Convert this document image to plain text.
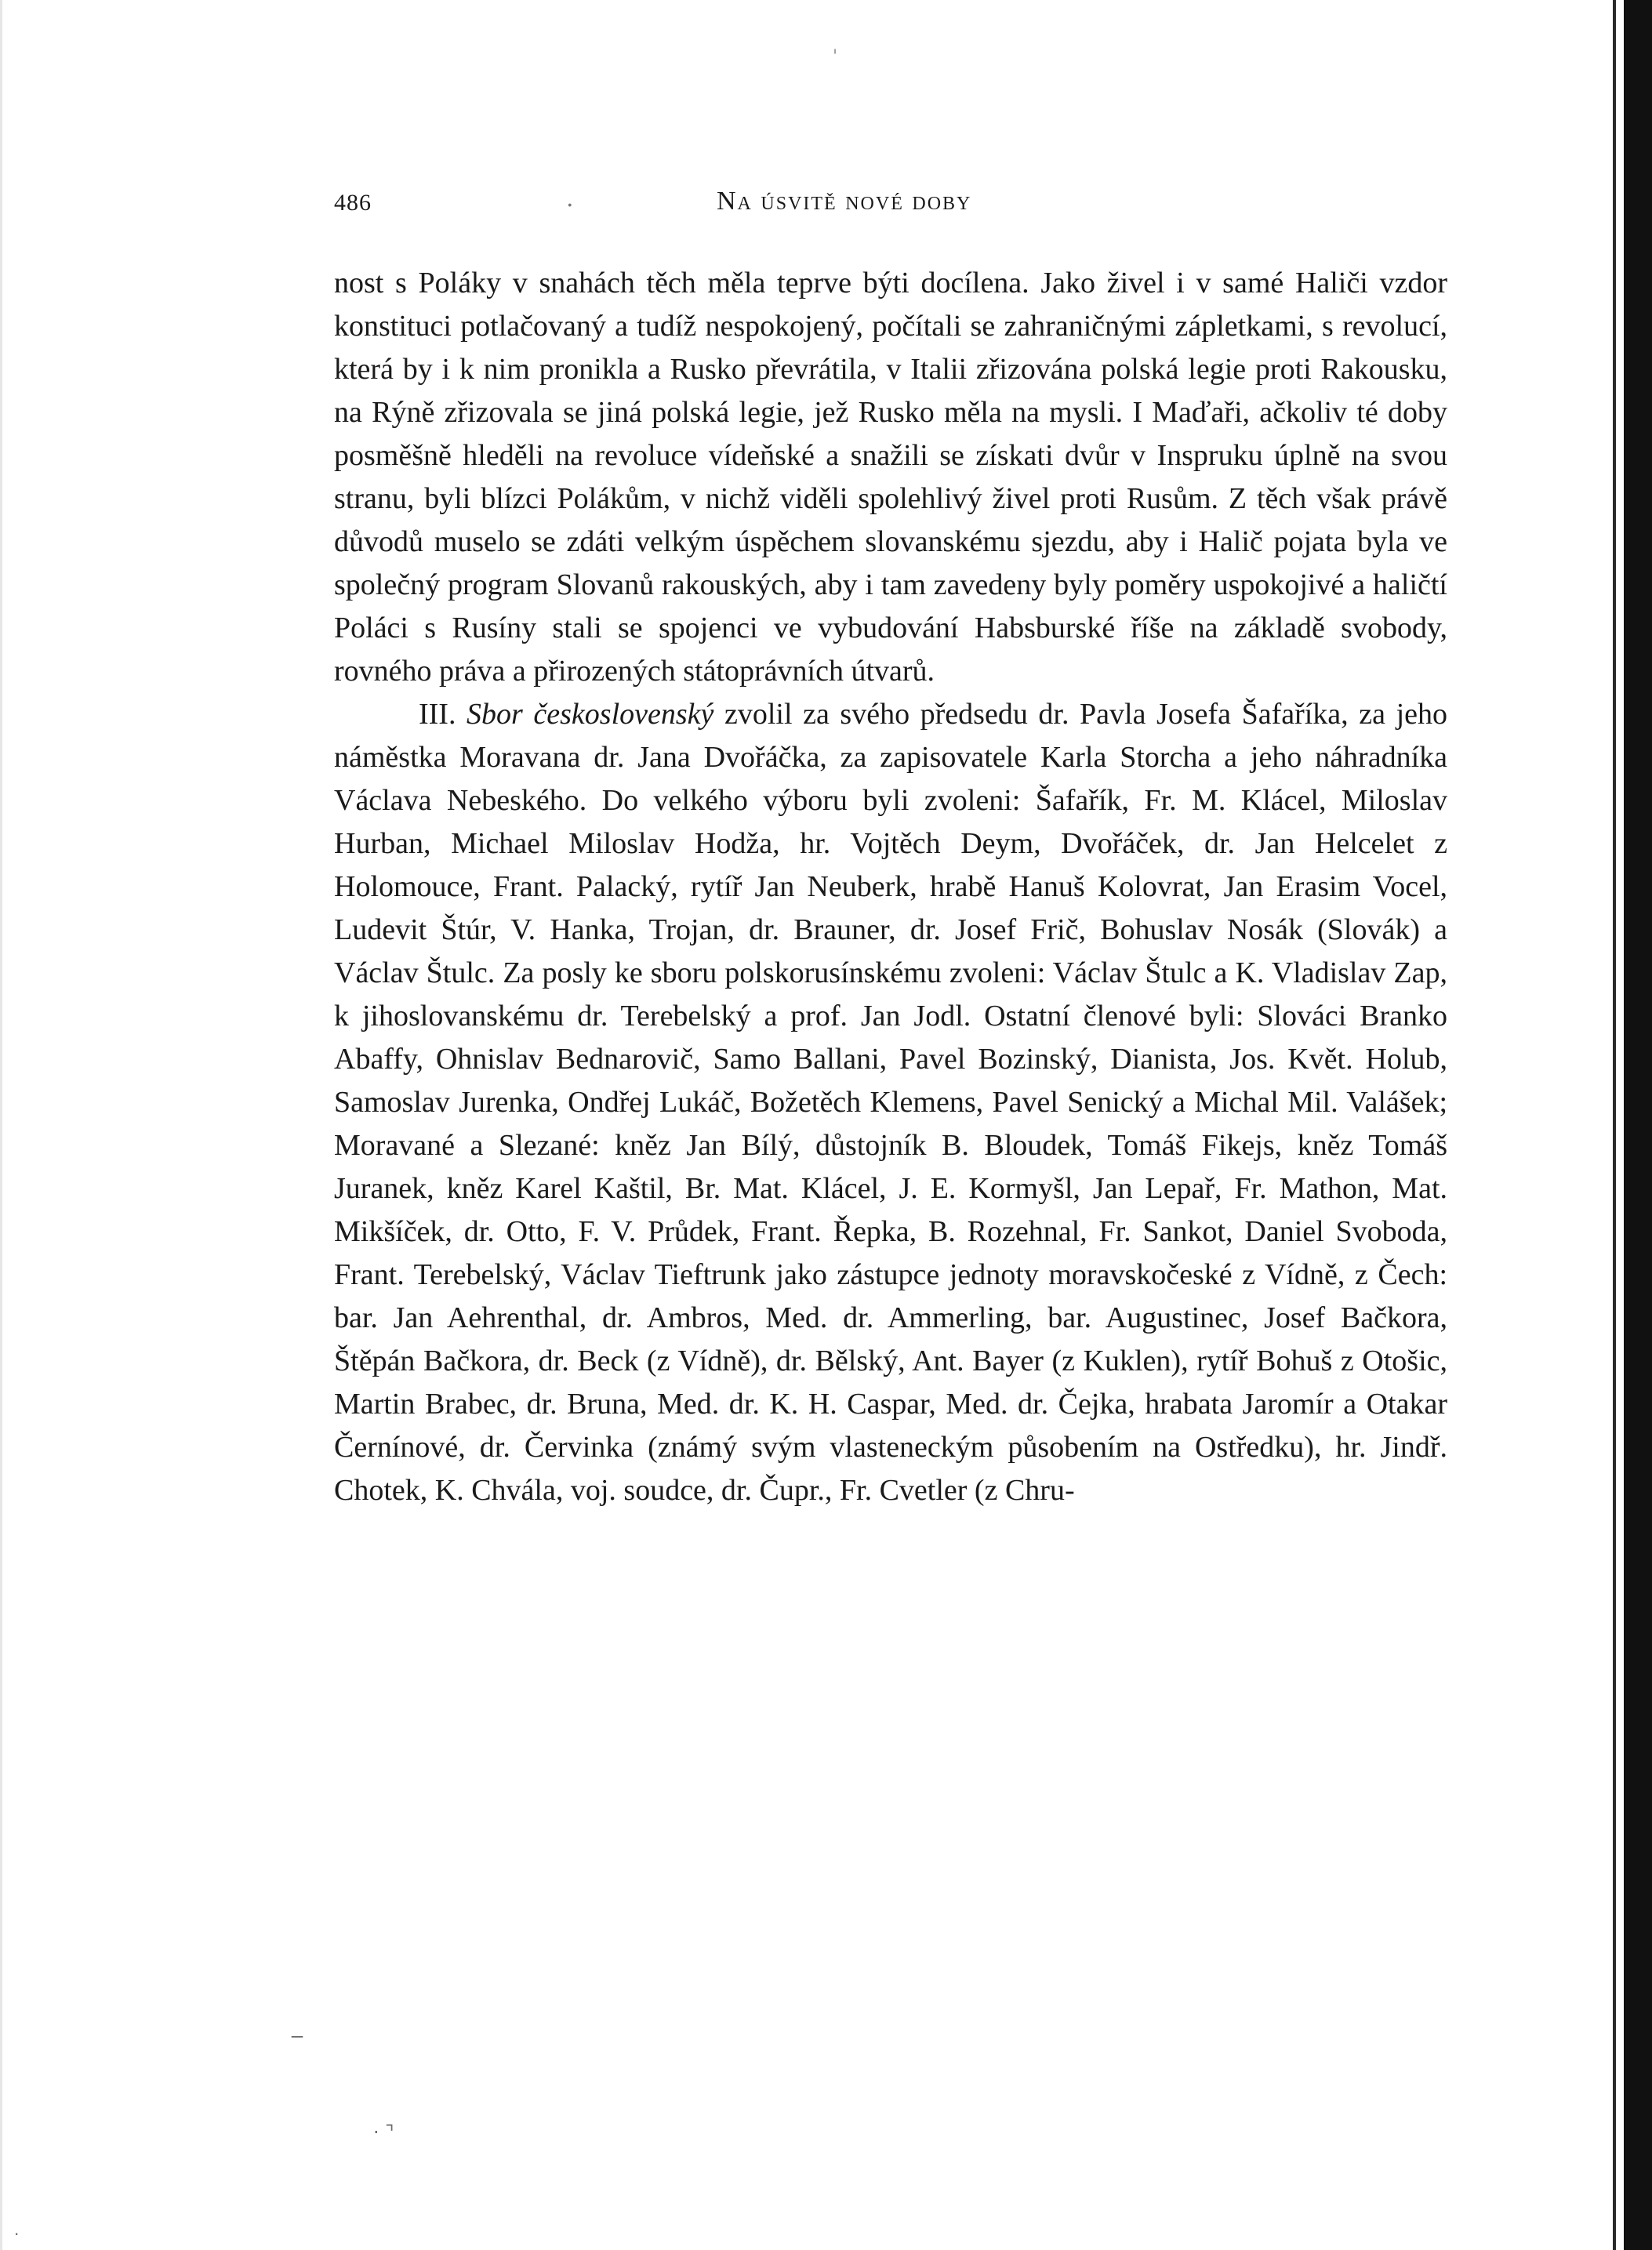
'
486	.	Na úsvitě nové doby

nost s Poláky v snahách těch měla teprve býti docílena. Jako živel i v samé Haliči vzdor konstituci potlačovaný a tudíž nespokojený, počítali se zahraničnými zápletkami, s revolucí, která by i k nim pronikla a Rusko převrátila, v Italii zřizována polská legie proti Rakousku, na Rýně zřizovala se jiná polská legie, jež Rusko měla na mysli. I Maďaři, ačkoliv té doby posměšně hleděli na revoluce vídeňské a snažili se získati dvůr v Inspruku úplně na svou stranu, byli blízci Polákům, v nichž viděli spolehlivý živel proti Rusům. Z těch však právě důvodů muselo se zdáti velkým úspěchem slovanskému sjezdu, aby i Halič pojata byla ve společný program Slovanů rakouských, aby i tam zavedeny byly poměry uspokojivé a haličtí Poláci s Rusíny stali se spojenci ve vybudování Habsburské říše na základě svobody, rovného práva a přirozených státoprávních útvarů.

III. Sbor československý zvolil za svého předsedu dr. Pavla Josefa Šafaříka, za jeho náměstka Moravana dr. Jana Dvořáčka, za zapisovatele Karla Storcha a jeho náhradníka Václava Nebeského. Do velkého výboru byli zvoleni: Šafařík, Fr. M. Klácel, Miloslav Hurban, Michael Miloslav Hodža, hr. Vojtěch Deym, Dvořáček, dr. Jan Helcelet z Holomouce, Frant. Palacký, rytíř Jan Neuberk, hrabě Hanuš Kolovrat, Jan Erasim Vocel, Ludevit Štúr, V. Hanka, Trojan, dr. Brauner, dr. Josef Frič, Bohuslav Nosák (Slovák) a Václav Štulc. Za posly ke sboru polskorusínskému zvoleni: Václav Štulc a K. Vladislav Zap, k jihoslovanskému dr. Terebelský a prof. Jan Jodl. Ostatní členové byli: Slováci Branko Abaffy, Ohnislav Bednarovič, Samo Ballani, Pavel Bozinský, Dianista, Jos. Květ. Holub, Samoslav Jurenka, Ondřej Lukáč, Božetěch Klemens, Pavel Senický a Michal Mil. Valášek; Moravané a Slezané: kněz Jan Bílý, důstojník B. Bloudek, Tomáš Fikejs, kněz Tomáš Juranek, kněz Karel Kaštil, Br. Mat. Klácel, J. E. Kormyšl, Jan Lepař, Fr. Mathon, Mat. Mikšíček, dr. Otto, F. V. Průdek, Frant. Řepka, B. Rozehnal, Fr. Sankot, Daniel Svoboda, Frant. Terebelský, Václav Tieftrunk jako zástupce jednoty moravskočeské z Vídně, z Čech: bar. Jan Aehrenthal, dr. Ambros, Med. dr. Ammerling, bar. Augustinec, Josef Bačkora, Štěpán Bačkora, dr. Beck (z Vídně), dr. Bělský, Ant. Bayer (z Kuklen), rytíř Bohuš z Otošic, Martin Brabec, dr. Bruna, Med. dr. K. H. Caspar, Med. dr. Čejka, hrabata Jaromír a Otakar Černínové, dr. Červinka (známý svým vlasteneckým působením na Ostředku), hr. Jindř. Chotek, K. Chvála, voj. soudce, dr. Čupr., Fr. Cvetler (z Chru-

‾
· ⌝
·
